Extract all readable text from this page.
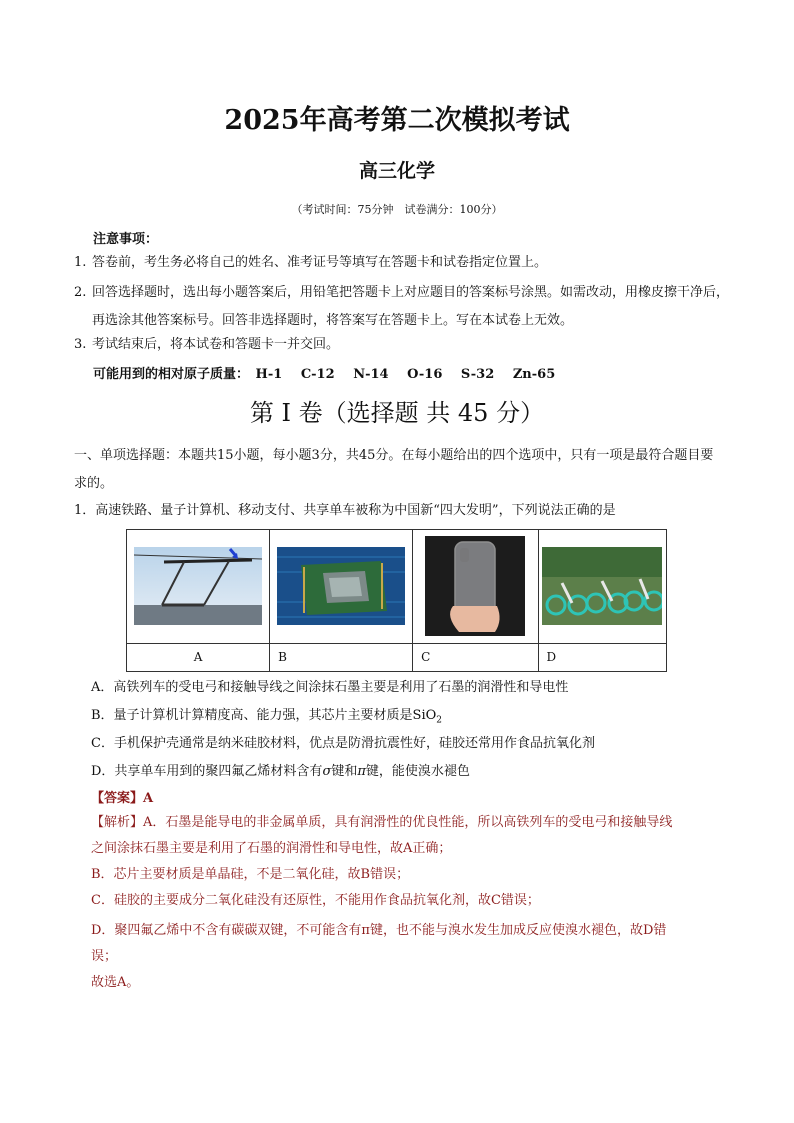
2025年高考第二次模拟考试
高三化学
（考试时间：75分钟　试卷满分：100分）
注意事项：
1. 答卷前，考生务必将自己的姓名、准考证号等填写在答题卡和试卷指定位置上。
2. 回答选择题时，选出每小题答案后，用铅笔把答题卡上对应题目的答案标号涂黑。如需改动，用橡皮擦干净后，再选涂其他答案标号。回答非选择题时，将答案写在答题卡上。写在本试卷上无效。
3. 考试结束后，将本试卷和答题卡一并交回。
可能用到的相对原子质量： H-1 C-12 N-14 O-16 S-32 Zn-65
第 I 卷（选择题 共 45 分）
一、单项选择题：本题共15小题，每小题3分，共45分。在每小题给出的四个选项中，只有一项是最符合题目要求的。
1．高速铁路、量子计算机、移动支付、共享单车被称为中国新“四大发明”，下列说法正确的是

A	B	C	D
A．高铁列车的受电弓和接触导线之间涂抹石墨主要是利用了石墨的润滑性和导电性
B．量子计算机计算精度高、能力强，其芯片主要材质是SiO$_2$
C．手机保护壳通常是纳米硅胶材料，优点是防滑抗震性好，硅胶还常用作食品抗氧化剂
D．共享单车用到的聚四氟乙烯材料含有σ键和π键，能使溴水褪色
【答案】A
【解析】A．石墨是能导电的非金属单质，具有润滑性的优良性能，所以高铁列车的受电弓和接触导线
之间涂抹石墨主要是利用了石墨的润滑性和导电性，故A正确；
B．芯片主要材质是单晶硅，不是二氧化硅，故B错误；
C．硅胶的主要成分二氧化硅没有还原性，不能用作食品抗氧化剂，故C错误；
D．聚四氟乙烯中不含有碳碳双键，不可能含有π键，也不能与溴水发生加成反应使溴水褪色，故D错
误；
故选A。
